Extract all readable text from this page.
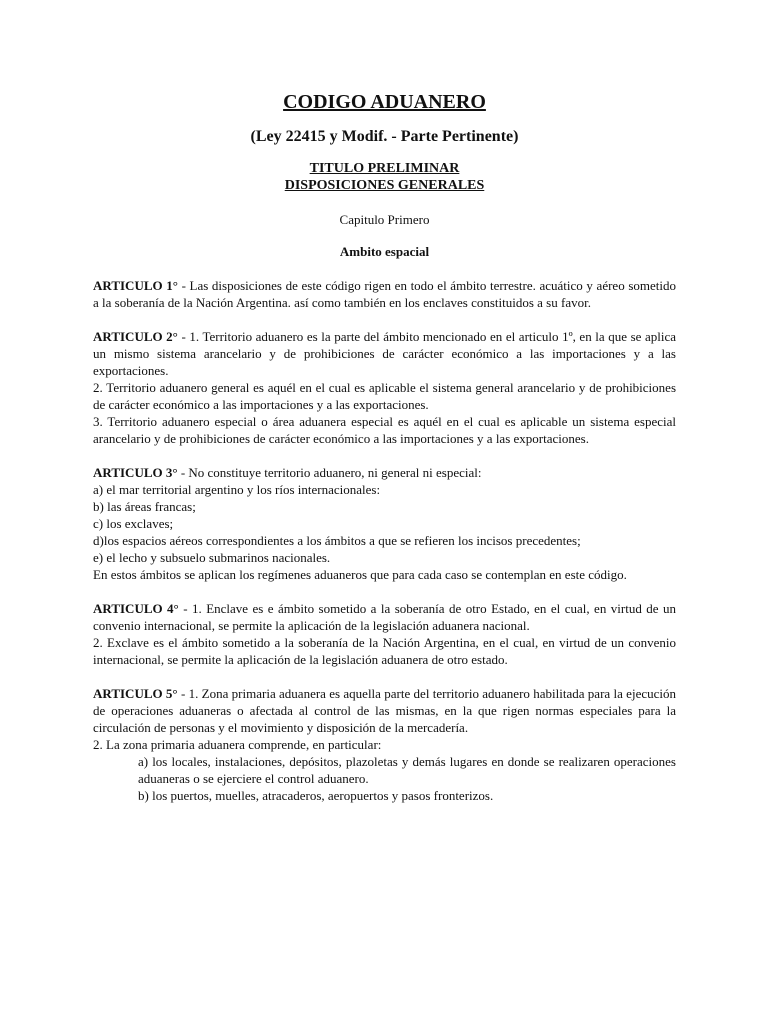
CODIGO ADUANERO
(Ley 22415 y Modif. - Parte Pertinente)
TITULO PRELIMINAR
DISPOSICIONES GENERALES
Capitulo Primero
Ambito espacial

ARTICULO 1° - Las disposiciones de este código rigen en todo el ámbito terrestre. acuático y aéreo sometido a la soberanía de la Nación Argentina. así como también en los enclaves constituidos a su favor.

ARTICULO 2° - 1. Territorio aduanero es la parte del ámbito mencionado en el articulo 1º, en la que se aplica un mismo sistema arancelario y de prohibiciones de carácter económico a las importaciones y a las exportaciones.

2. Territorio aduanero general es aquél en el cual es aplicable el sistema general arancelario y de prohibiciones de carácter económico a las importaciones y a las exportaciones.

3. Territorio aduanero especial o área aduanera especial es aquél en el cual es aplicable un sistema especial arancelario y de prohibiciones de carácter económico a las importaciones y a las exportaciones.

ARTICULO 3° - No constituye territorio aduanero, ni general ni especial:

a) el mar territorial argentino y los ríos internacionales:

b) las áreas francas;

c) los exclaves;

d)los espacios aéreos correspondientes a los ámbitos a que se refieren los incisos precedentes;

e) el lecho y subsuelo submarinos nacionales.

En estos ámbitos se aplican los regímenes aduaneros que para cada caso se contemplan en este código.

ARTICULO 4° - 1. Enclave es e ámbito sometido a la soberanía de otro Estado, en el cual, en virtud de un convenio internacional, se permite la aplicación de la legislación aduanera nacional.

2. Exclave es el ámbito sometido a la soberanía de la Nación Argentina, en el cual, en virtud de un convenio internacional, se permite la aplicación de la legislación aduanera de otro estado.

ARTICULO 5° - 1. Zona primaria aduanera es aquella parte del territorio aduanero habilitada para la ejecución de operaciones aduaneras o afectada al control de las mismas, en la que rigen normas especiales para la circulación de personas y el movimiento y disposición de la mercadería.

2. La zona primaria aduanera comprende, en particular:

a) los locales, instalaciones, depósitos, plazoletas y demás lugares en donde se realizaren operaciones aduaneras o se ejerciere el control aduanero.

b) los puertos, muelles, atracaderos, aeropuertos y pasos fronterizos.
